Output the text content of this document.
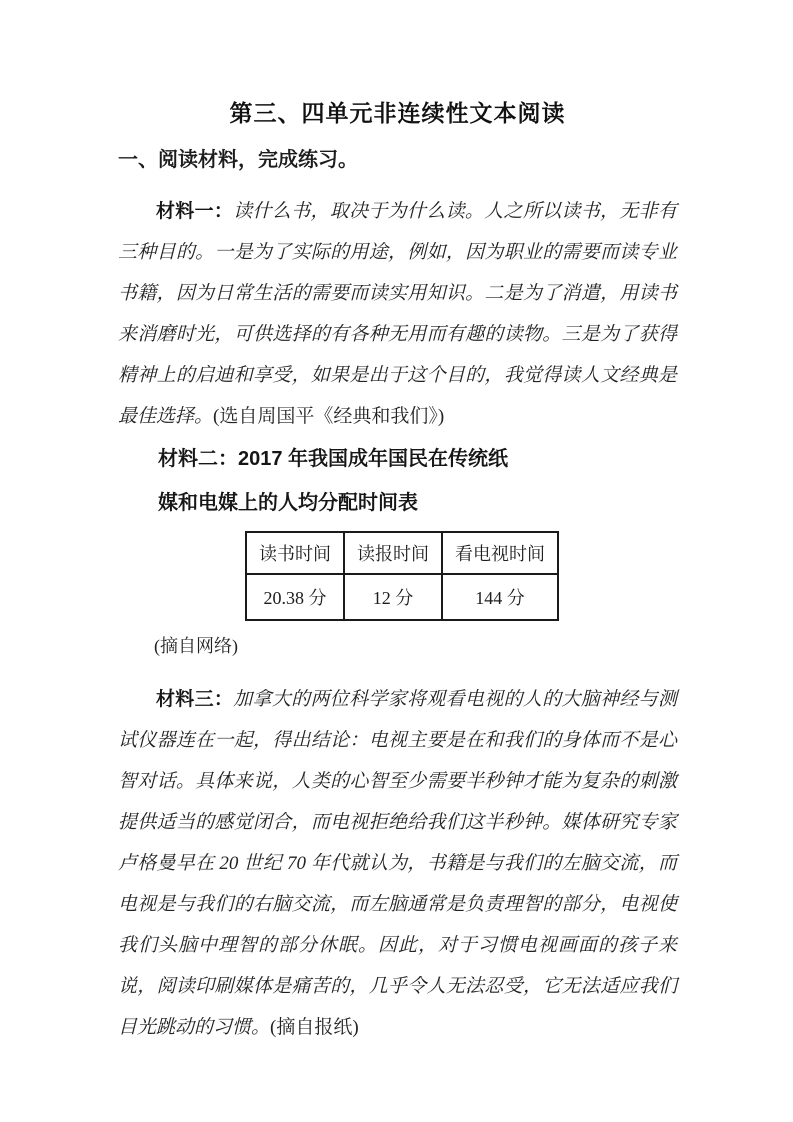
第三、四单元非连续性文本阅读
一、阅读材料，完成练习。

材料一：读什么书，取决于为什么读。人之所以读书，无非有三种目的。一是为了实际的用途，例如，因为职业的需要而读专业书籍，因为日常生活的需要而读实用知识。二是为了消遣，用读书来消磨时光，可供选择的有各种无用而有趣的读物。三是为了获得精神上的启迪和享受，如果是出于这个目的，我觉得读人文经典是最佳选择。(选自周国平《经典和我们》)

材料二：2017 年我国成年国民在传统纸
媒和电媒上的人均分配时间表
读书时间	读报时间	看电视时间
20.38 分	12 分	144 分

(摘自网络)

材料三：加拿大的两位科学家将观看电视的人的大脑神经与测试仪器连在一起，得出结论：电视主要是在和我们的身体而不是心智对话。具体来说，人类的心智至少需要半秒钟才能为复杂的刺激提供适当的感觉闭合，而电视拒绝给我们这半秒钟。媒体研究专家卢格曼早在 20 世纪 70 年代就认为，书籍是与我们的左脑交流，而电视是与我们的右脑交流，而左脑通常是负责理智的部分，电视使我们头脑中理智的部分休眠。因此，对于习惯电视画面的孩子来说，阅读印刷媒体是痛苦的，几乎令人无法忍受，它无法适应我们目光跳动的习惯。(摘自报纸)
